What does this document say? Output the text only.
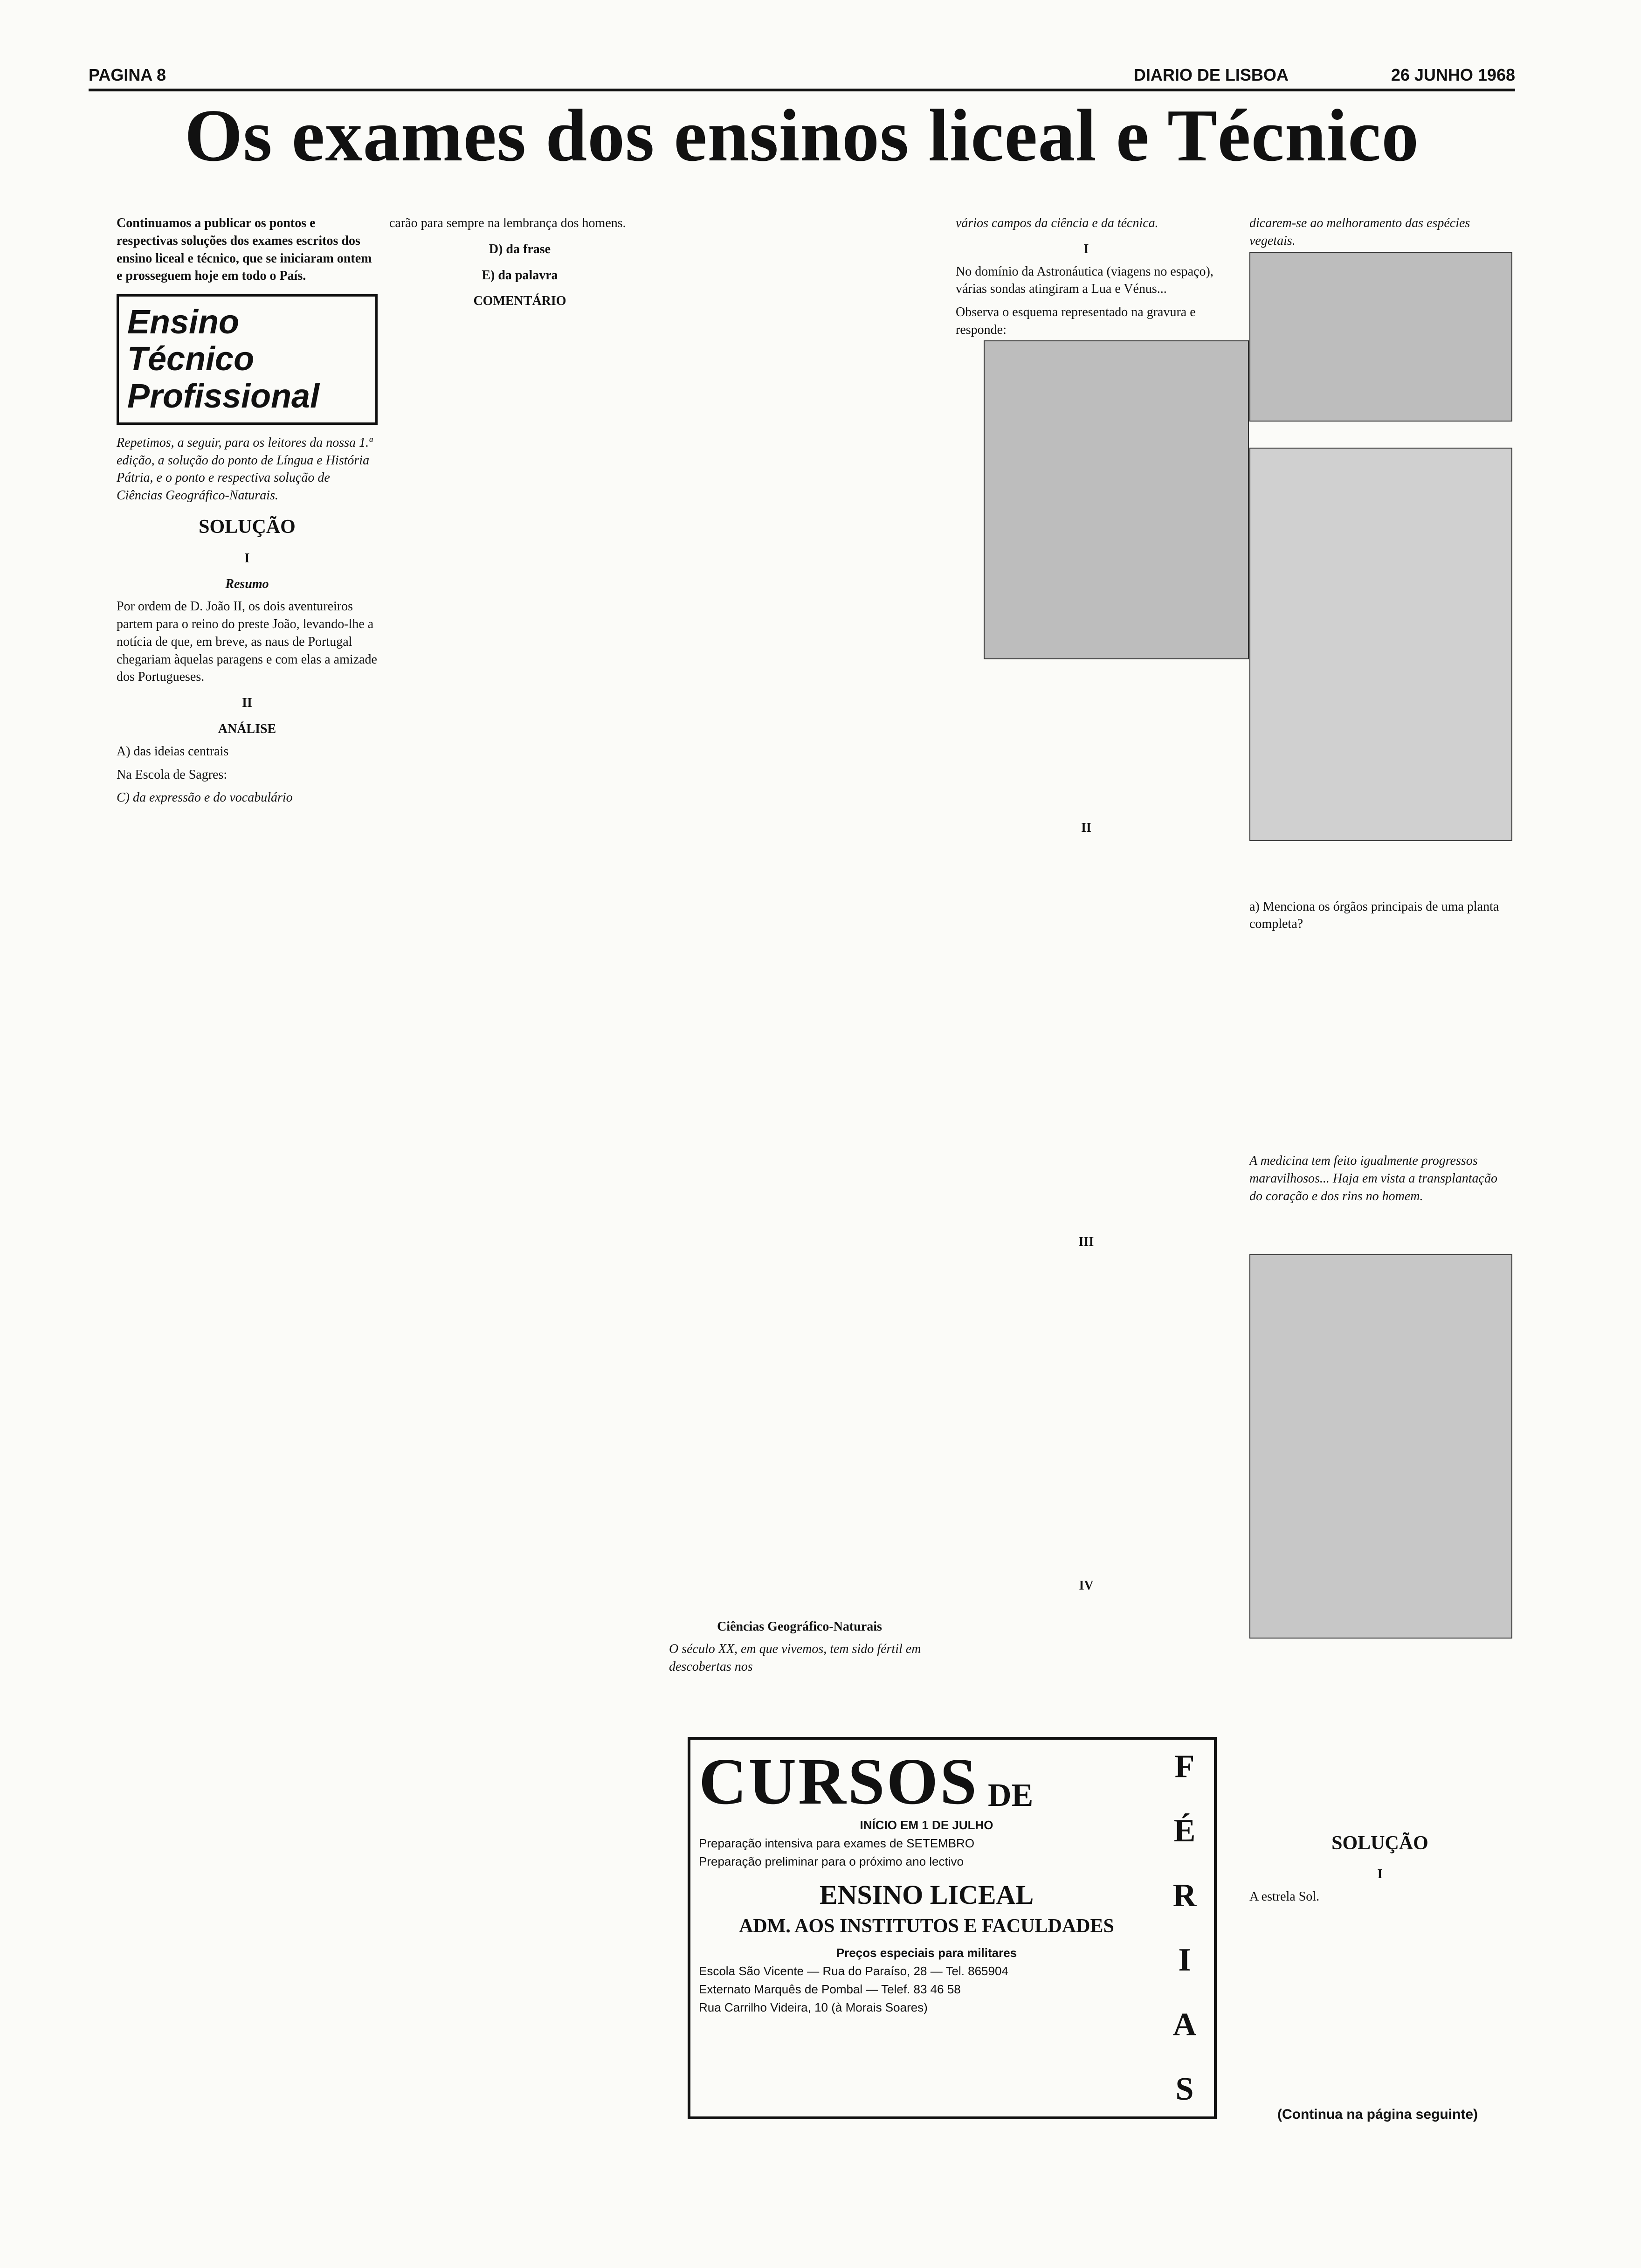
PAGINA 8	DIARIO DE LISBOA	26 JUNHO 1968
Os exames dos ensinos liceal e Técnico

Continuamos a publicar os pontos e respectivas soluções dos exames escritos dos ensino liceal e técnico, que se iniciaram ontem e prosseguem hoje em todo o País.

Ensino Técnico
Profissional

Repetimos, a seguir, para os leitores da nossa 1.ª edição, a solução do ponto de Língua e História Pátria, e o ponto e respectiva solução de Ciências Geográfico-Naturais.

SOLUÇÃO
I
Resumo

Por ordem de D. João II, os dois aventureiros partem para o reino do preste João, levando-lhe a notícia de que, em breve, as naus de Portugal chegariam àquelas paragens e com elas a amizade dos Portugueses.

II
ANÁLISE

A) das ideias centrais

Na Escola de Sagres:

C) da expressão e do vocabulário

carão para sempre na lembrança dos homens.

D) da frase
E) da palavra
COMENTÁRIO
Ciências Geográfico-Naturais

O século XX, em que vivemos, tem sido fértil em descobertas nos

vários campos da ciência e da técnica.

I

No domínio da Astronáutica (viagens no espaço), várias sondas atingiram a Lua e Vénus...

Observa o esquema representado na gravura e responde:

II
III
IV

dicarem-se ao melhoramento das espécies vegetais.

a) Menciona os órgãos principais de uma planta completa?

A medicina tem feito igualmente progressos maravilhosos... Haja em vista a transplantação do coração e dos rins no homem.

SOLUÇÃO
I

A estrela Sol.

CURSOS DE
INÍCIO EM 1 DE JULHO
Preparação intensiva para exames de SETEMBRO
Preparação preliminar para o próximo ano lectivo
ENSINO LICEAL
ADM. AOS INSTITUTOS E FACULDADES
Preços especiais para militares
Escola São Vicente — Rua do Paraíso, 28 — Tel. 865904
Externato Marquês de Pombal — Telef. 83 46 58
Rua Carrilho Videira, 10 (à Morais Soares)
F
É
R
I
A
S
(Continua na página seguinte)
